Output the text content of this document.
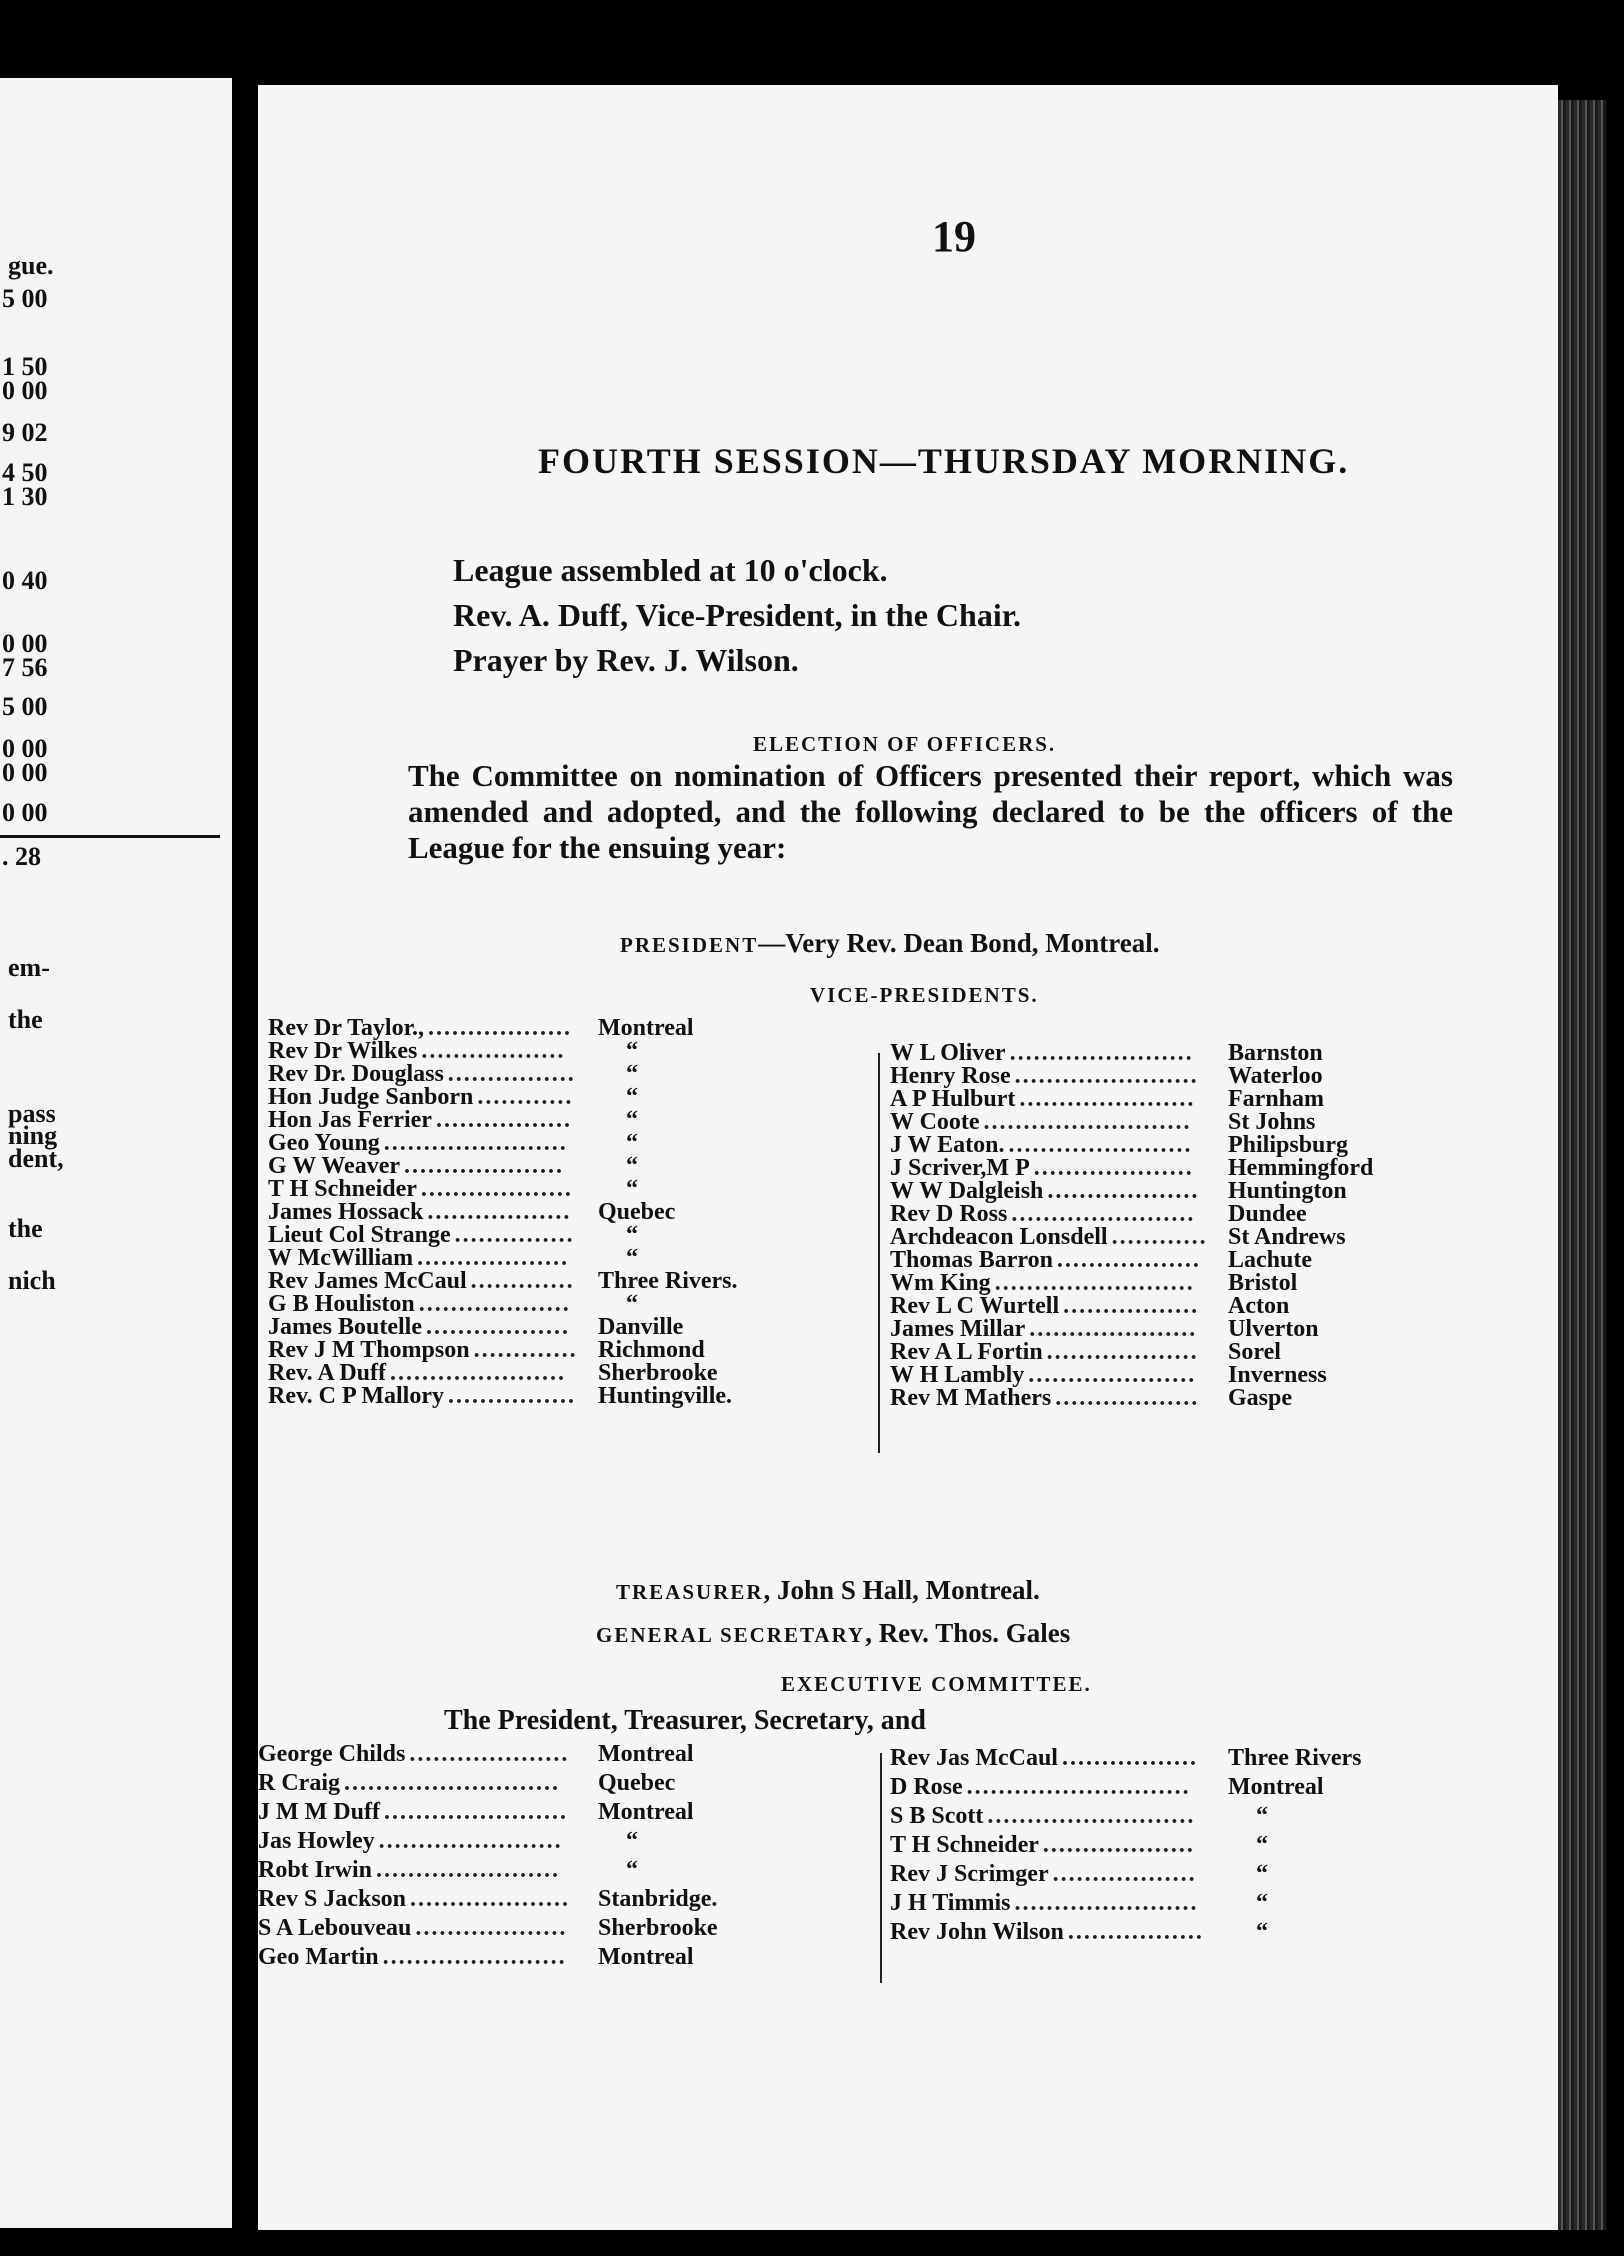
gue.
5 00
1 50
0 00
9 02
4 50
1 30
0 40
0 00
7 56
5 00
0 00
0 00
0 00
. 28
em-
the
pass
ning
dent,
the
nich
19
FOURTH SESSION—THURSDAY MORNING.
League assembled at 10 o'clock.
Rev. A. Duff, Vice-President, in the Chair.
Prayer by Rev. J. Wilson.
ELECTION OF OFFICERS.
The Committee on nomination of Officers presented their report, which was amended and adopted, and the following declared to be the officers of the League for the ensuing year:
PRESIDENT—Very Rev. Dean Bond, Montreal.
VICE-PRESIDENTS.
Rev Dr Taylor., .................. Montreal
Rev Dr Wilkes ..................	“
Rev Dr. Douglass ................ “
Hon Judge Sanborn ............ “
Hon Jas Ferrier ................. “
Geo Young ....................... “
G W Weaver ....................	“
T H Schneider ................... “
James Hossack .................. Quebec
Lieut Col Strange ............... “
W McWilliam ................... “
Rev James McCaul ............. Three Rivers.
G B Houliston ................... “
James Boutelle .................. Danville
Rev J M Thompson ............. Richmond
Rev. A Duff ...................... Sherbrooke
Rev. C P Mallory ................ Huntingville.
W L Oliver ....................... Barnston
Henry Rose ....................... Waterloo
A P Hulburt ...................... Farnham
W Coote .......................... St Johns
J W Eaton. ....................... Philipsburg
J Scriver,M P .................... Hemmingford
W W Dalgleish ................... Huntington
Rev D Ross ....................... Dundee
Archdeacon Lonsdell ............ St Andrews
Thomas Barron .................. Lachute
Wm King ......................... Bristol
Rev L C Wurtell ................. Acton
James Millar ..................... Ulverton
Rev A L Fortin ................... Sorel
W H Lambly ..................... Inverness
Rev M Mathers .................. Gaspe
TREASURER, John S Hall, Montreal.
GENERAL SECRETARY, Rev. Thos. Gales
EXECUTIVE COMMITTEE.
The President, Treasurer, Secretary, and
George Childs .................... Montreal
R Craig ........................... Quebec
J M M Duff ....................... Montreal
Jas Howley .......................	“
Robt Irwin .......................	“
Rev S Jackson .................... Stanbridge.
S A Lebouveau ................... Sherbrooke
Geo Martin ....................... Montreal
Rev Jas McCaul ................. Three Rivers
D Rose ............................ Montreal
S B Scott ..........................	“
T H Schneider ...................	“
Rev J Scrimger .................. “
J H Timmis ....................... “
Rev John Wilson ................. “
